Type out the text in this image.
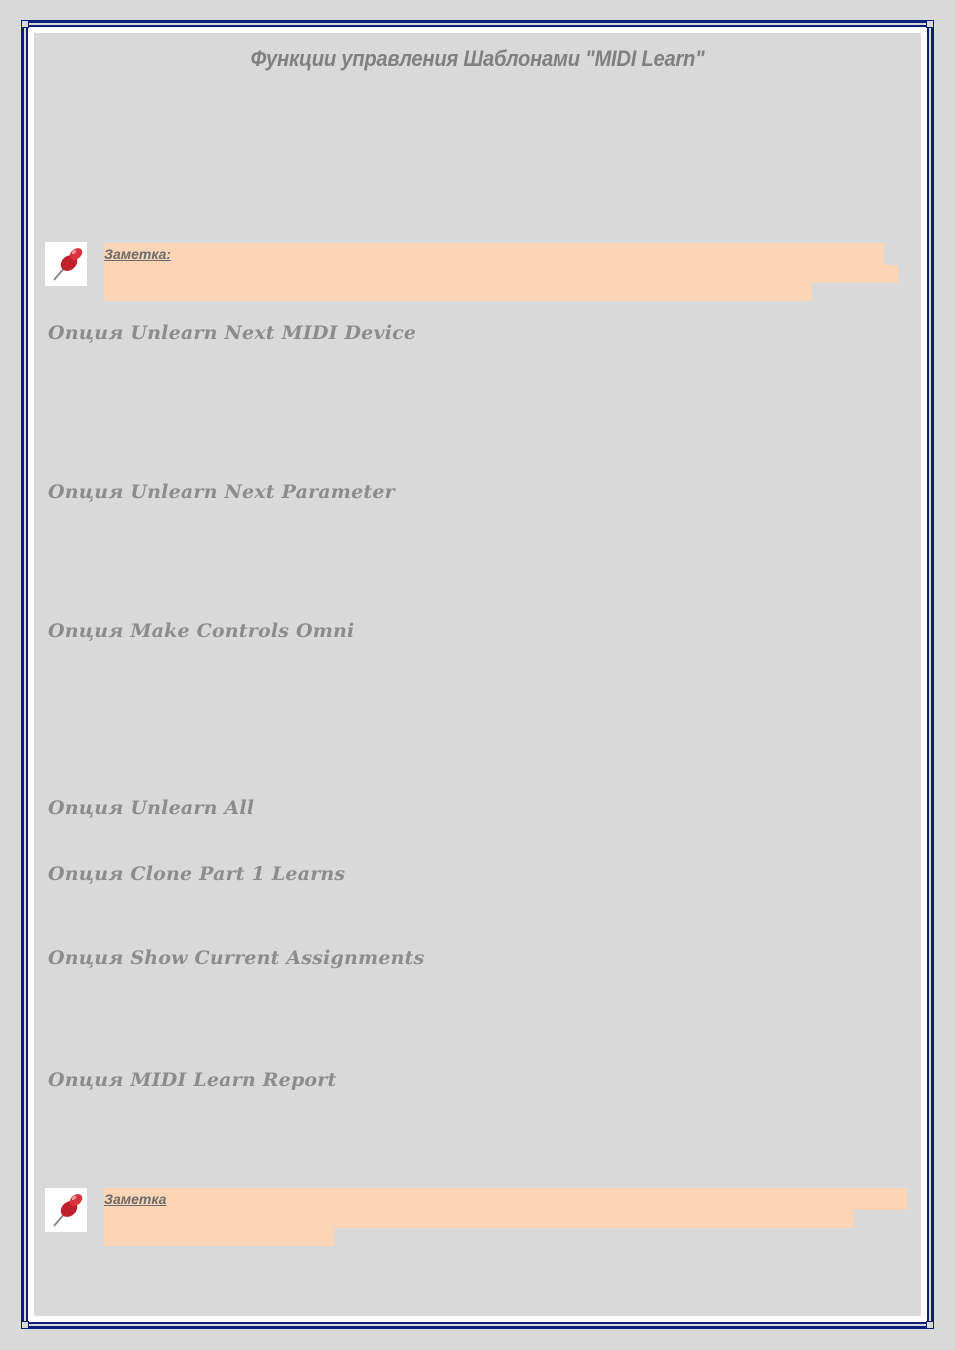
Функции управления Шаблонами "MIDI Learn"
Заметка:
Опция Unlearn Next MIDI Device
Опция Unlearn Next Parameter
Опция Make Controls Omni
Опция Unlearn All
Опция Clone Part 1 Learns
Опция Show Current Assignments
Опция MIDI Learn Report
Заметка
